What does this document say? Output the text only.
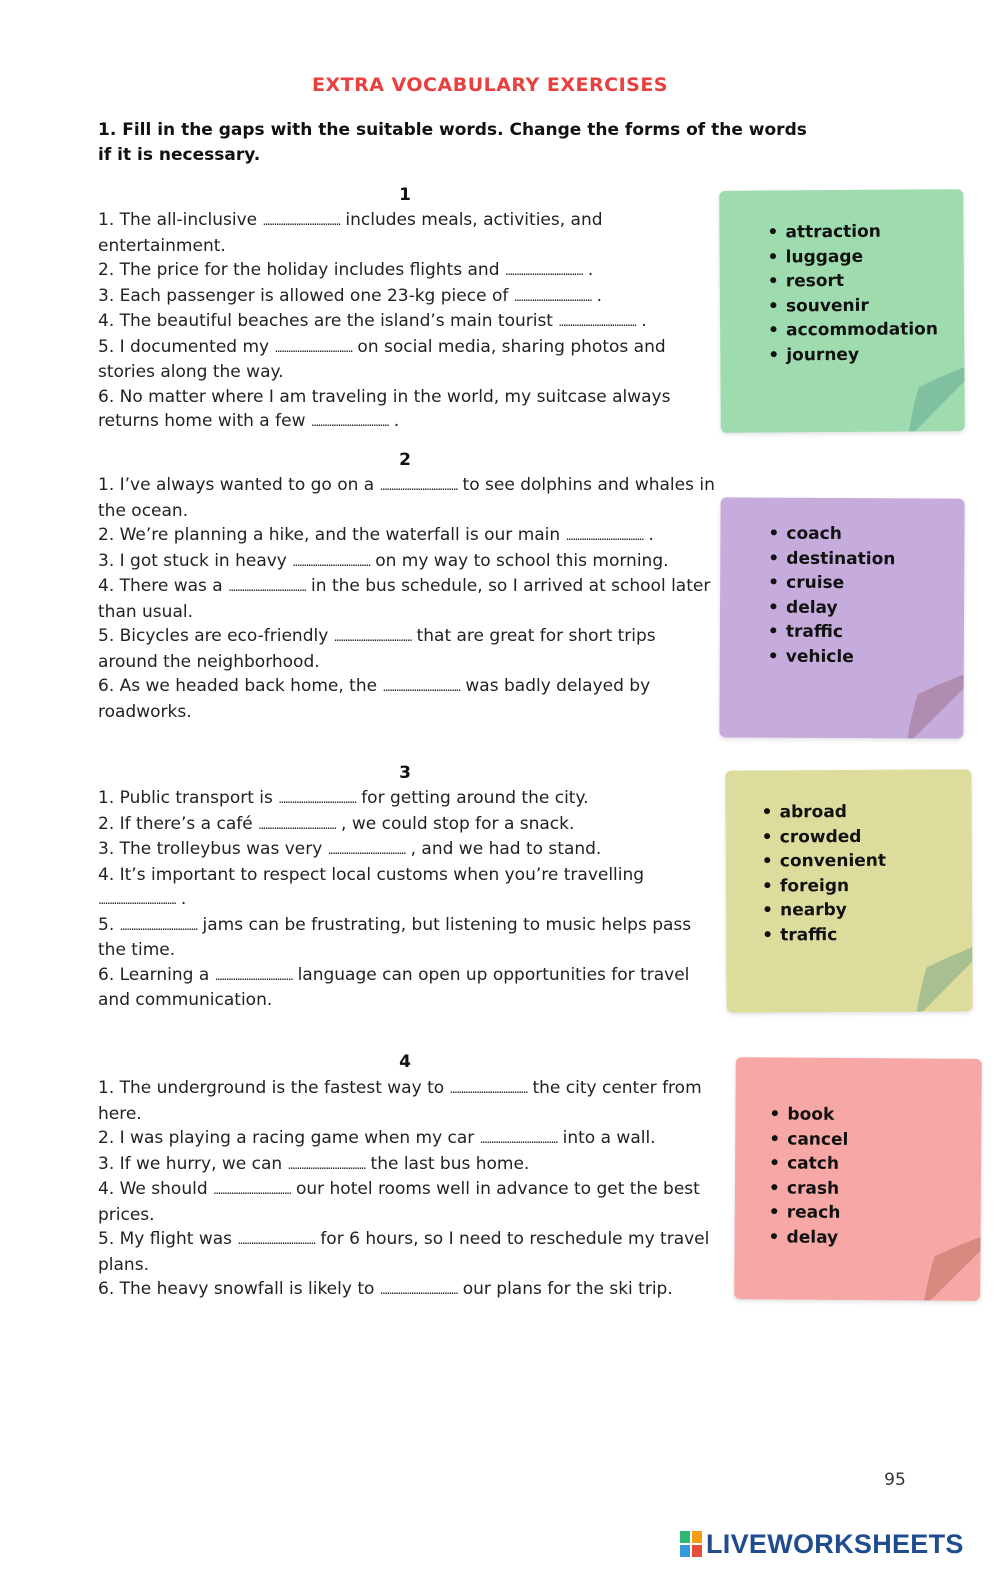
EXTRA VOCABULARY EXERCISES
1. Fill in the gaps with the suitable words. Change the forms of the words if it is necessary.
1

1. The all-inclusive ................................... includes meals, activities, and entertainment.

2. The price for the holiday includes flights and ................................... .

3. Each passenger is allowed one 23-kg piece of ................................... .

4. The beautiful beaches are the island’s main tourist ................................... .

5. I documented my ................................... on social media, sharing photos and stories along the way.

6. No matter where I am traveling in the world, my suitcase always returns home with a few ................................... .

• attraction
• luggage
• resort
• souvenir
• accommodation
• journey
2

1. I’ve always wanted to go on a ................................... to see dolphins and whales in the ocean.

2. We’re planning a hike, and the waterfall is our main ................................... .

3. I got stuck in heavy ................................... on my way to school this morning.

4. There was a ................................... in the bus schedule, so I arrived at school later than usual.

5. Bicycles are eco-friendly ................................... that are great for short trips around the neighborhood.

6. As we headed back home, the ................................... was badly delayed by roadworks.

• coach
• destination
• cruise
• delay
• traffic
• vehicle
3

1. Public transport is ................................... for getting around the city.

2. If there’s a café ................................... , we could stop for a snack.

3. The trolleybus was very ................................... , and we had to stand.

4. It’s important to respect local customs when you’re travelling ................................... .

5. ................................... jams can be frustrating, but listening to music helps pass the time.

6. Learning a ................................... language can open up opportunities for travel and communication.

• abroad
• crowded
• convenient
• foreign
• nearby
• traffic
4

1. The underground is the fastest way to ................................... the city center from here.

2. I was playing a racing game when my car ................................... into a wall.

3. If we hurry, we can ................................... the last bus home.

4. We should ................................... our hotel rooms well in advance to get the best prices.

5. My flight was ................................... for 6 hours, so I need to reschedule my travel plans.

6. The heavy snowfall is likely to ................................... our plans for the ski trip.

• book
• cancel
• catch
• crash
• reach
• delay
95
LIVEWORKSHEETS
